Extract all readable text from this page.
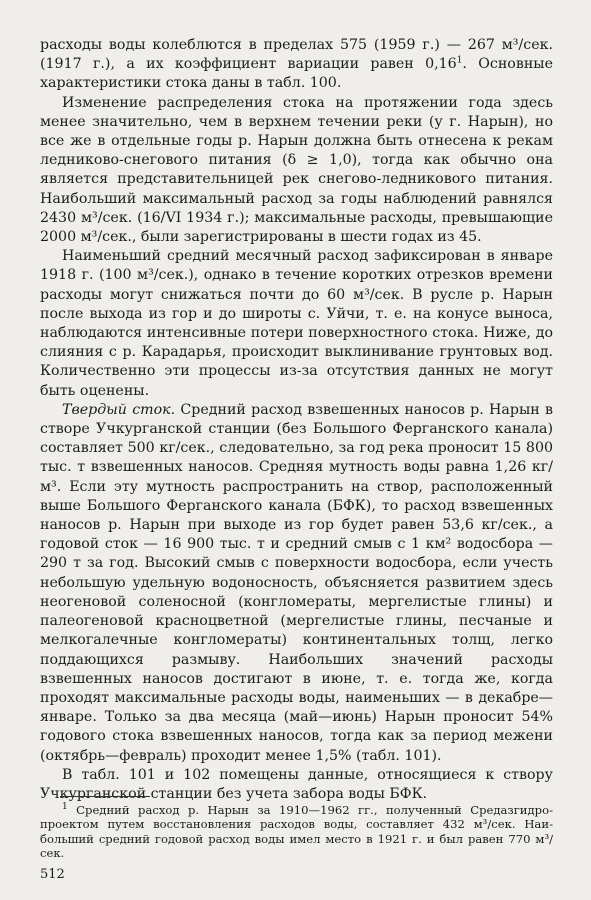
расходы воды колеблются в пределах 575 (1959 г.) — 267 м³/сек. (1917 г.), а их коэффициент вариации равен 0,16$^1$. Основные характеристики стока даны в табл. 100.

Изменение распределения стока на протяжении года здесь менее значительно, чем в верхнем течении реки (у г. Нарын), но все же в отдельные годы р. Нарын должна быть отнесена к рекам ледниково-снегового питания (δ ≥ 1,0), тогда как обычно она является представительницей рек снегово-ледникового питания. Наибольший максимальный расход за годы наблюдений равнялся 2430 м³/сек. (16/VI 1934 г.); максимальные расходы, превышающие 2000 м³/сек., были зарегистрированы в шести годах из 45.

Наименьший средний месячный расход зафиксирован в январе 1918 г. (100 м³/сек.), однако в течение коротких отрезков времени расходы могут снижаться почти до 60 м³/сек. В русле р. Нарын после выхода из гор и до широты с. Уйчи, т. е. на конусе выноса, наблюдаются интенсивные потери поверхностного стока. Ниже, до слияния с р. Карадарья, происходит выклинивание грунтовых вод. Количественно эти процессы из-за отсутствия данных не могут быть оценены.

Твердый сток. Средний расход взвешенных наносов р. Нарын в створе Учкурганской станции (без Большого Ферганского канала) составляет 500 кг/сек., следовательно, за год река проносит 15 800 тыс. т взвешенных наносов. Средняя мутность воды равна 1,26 кг/м³. Если эту мутность распространить на створ, расположенный выше Большого Ферганского канала (БФК), то расход взвешенных наносов р. Нарын при выходе из гор будет равен 53,6 кг/сек., а годовой сток — 16 900 тыс. т и средний смыв с 1 км² водосбора — 290 т за год. Высокий смыв с поверхности водосбора, если учесть небольшую удельную водоносность, объясняется развитием здесь неогеновой соленосной (конгломераты, мергелистые глины) и палеогеновой красноцветной (мергелистые глины, песчаные и мелкогалечные конгломераты) континентальных толщ, легко поддающихся размыву. Наибольших значений расходы взвешенных наносов достигают в июне, т. е. тогда же, когда проходят максимальные расходы воды, наименьших — в декабре—январе. Только за два месяца (май—июнь) Нарын проносит 54% годового стока взвешенных наносов, тогда как за период межени (октябрь—февраль) проходит менее 1,5% (табл. 101).

В табл. 101 и 102 помещены данные, относящиеся к створу Учкурганской станции без учета забора воды БФК.

$^1$ Средний расход р. Нарын за 1910—1962 гг., полученный Средазгидропроектом путем восстановления расходов воды, составляет 432 м³/сек. Наибольший средний годовой расход воды имел место в 1921 г. и был равен 770 м³/сек.

512
